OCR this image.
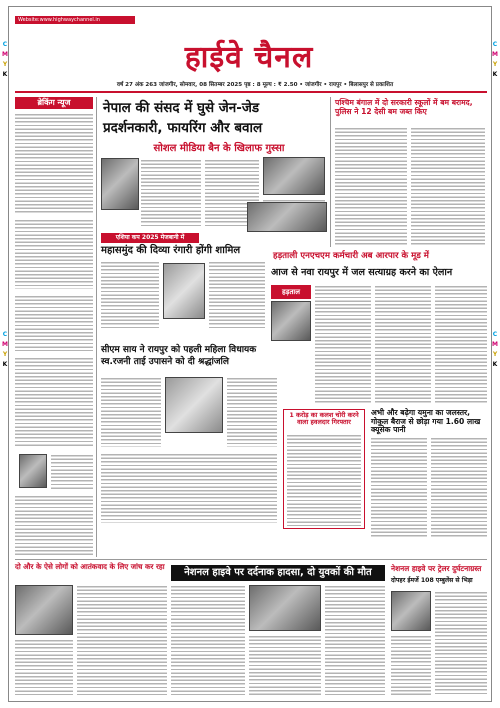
C
M
Y
K
C
M
Y
K
C
M
Y
K
C
M
Y
K
Website:www.highwaychannel.in
हाईवे चैनल
वर्ष 27 अंक 263 जांजगीर, सोमवार, 08 सितम्बर 2025 पृष्ठ : 8 मूल्य : ₹ 2.50 • जांजगीर • रायपुर • बिलासपुर से प्रकाशित
ब्रेकिंग न्यूज	नेपाल की संसद में घुसे जेन-जेड
प्रदर्शनकारी, फायरिंग और बवाल
सोशल मीडिया बैन के खिलाफ गुस्सा
पश्चिम बंगाल में दो सरकारी स्कूलों में बम बरामद, पुलिस ने 12 देसी बम जब्त किए
एशिया कप 2025 मेजबानी में
महासमुंद की दिव्या रंगारी होंगी शामिल	हड़ताली एनएचएम कर्मचारी अब आरपार के मूड में
आज से नवा रायपुर में जल सत्याग्रह करने का ऐलान
हड़ताल
सीएम साय ने रायपुर को पहली महिला विधायक
स्व.रजनी ताई उपासने को दी श्रद्धांजलि
1 करोड़ का कलश चोरी करने वाला हवलदार गिरफ्तार
अभी और बढ़ेगा यमुना का जलस्तर, गोकुल बैराज से छोड़ा गया 1.60 लाख क्यूसेक पानी
दो और के ऐसे लोगों को आतंकवाद के लिए जांच कर रहा
नेशनल हाइवे पर दर्दनाक हादसा, दो युवकों की मौत	नेशनल हाइवे पर ट्रेलर दुर्घटनाग्रस्त
दोपहर ईमर्जे 108 एम्बुलेंस से भिड़ा
